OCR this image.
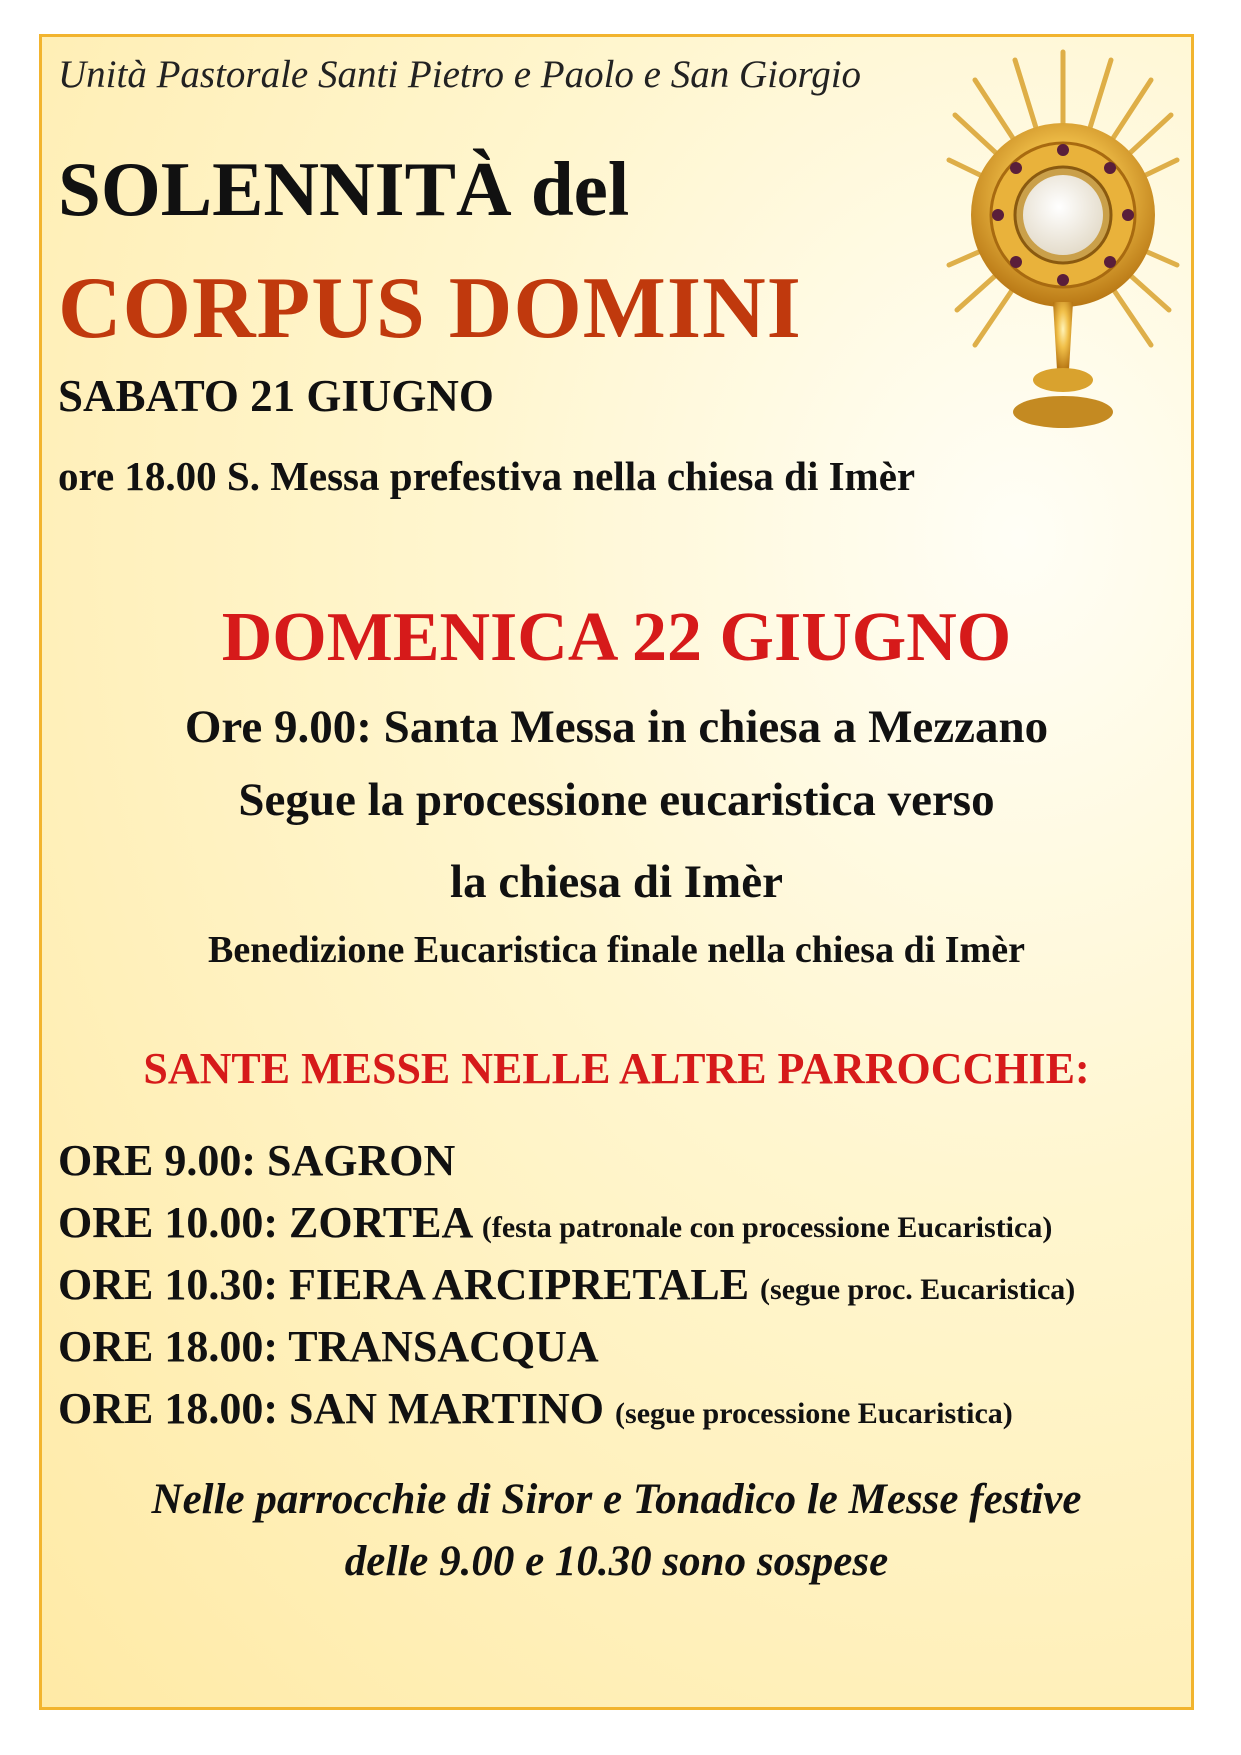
Unità Pastorale Santi Pietro e Paolo e San Giorgio

SOLENNITÀ del

CORPUS DOMINI

SABATO 21 GIUGNO

ore 18.00 S. Messa prefestiva nella chiesa di Imèr

DOMENICA 22 GIUGNO

Ore 9.00: Santa Messa in chiesa a Mezzano

Segue la processione eucaristica verso

la chiesa di Imèr

Benedizione Eucaristica finale nella chiesa di Imèr

SANTE MESSE NELLE ALTRE PARROCCHIE:

ORE 9.00: SAGRON

ORE 10.00: ZORTEA (festa patronale con processione Eucaristica)

ORE 10.30: FIERA ARCIPRETALE (segue proc. Eucaristica)

ORE 18.00: TRANSACQUA

ORE 18.00: SAN MARTINO (segue processione Eucaristica)

Nelle parrocchie di Siror e Tonadico le Messe festive

delle 9.00 e 10.30 sono sospese
